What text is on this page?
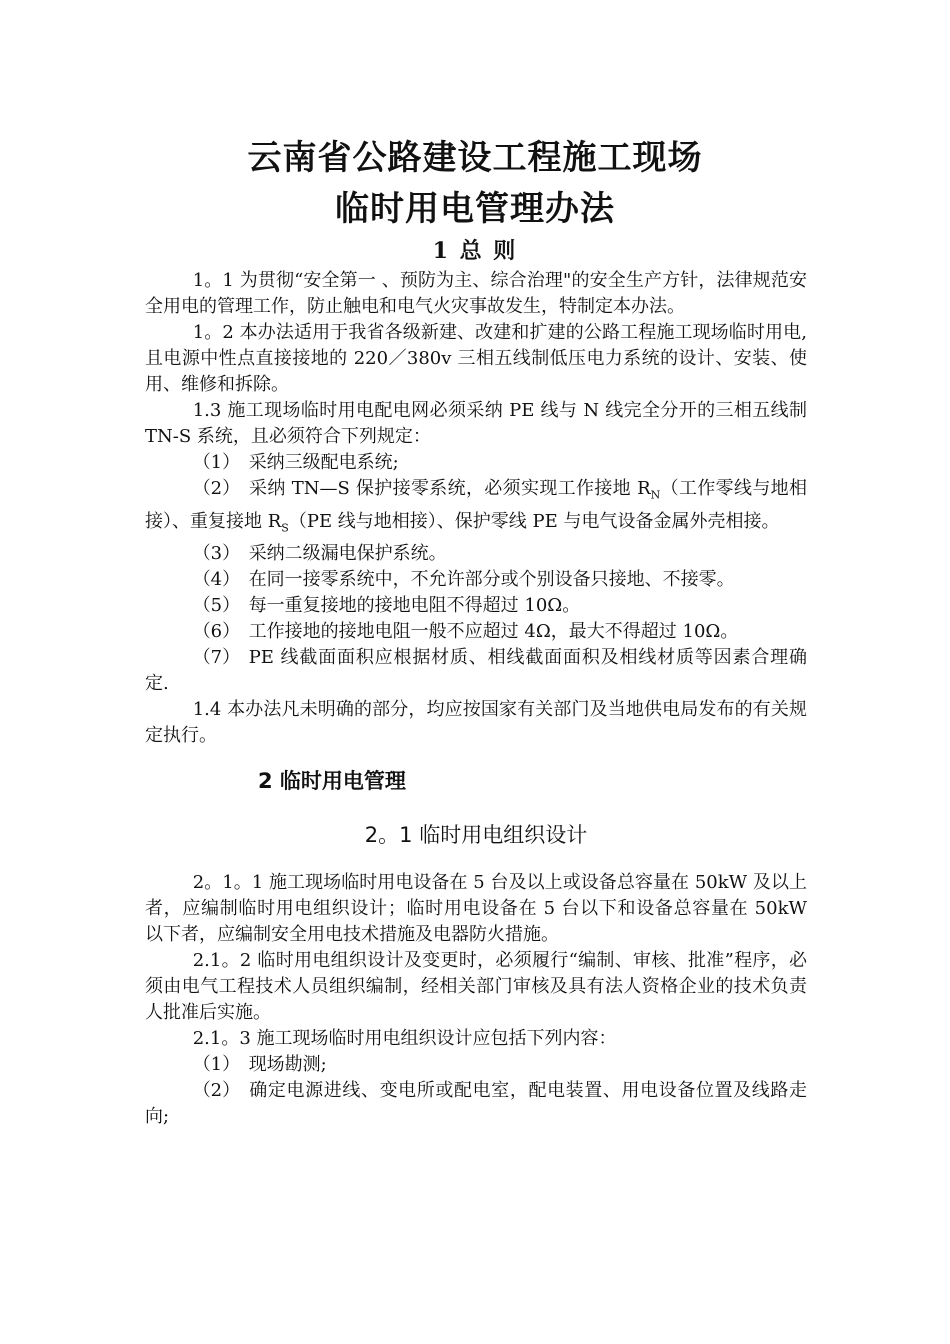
云南省公路建设工程施工现场
临时用电管理办法
1 总 则

1。1 为贯彻“安全第一 、预防为主、综合治理"的安全生产方针，法律规范安全用电的管理工作，防止触电和电气火灾事故发生，特制定本办法。

1。2 本办法适用于我省各级新建、改建和扩建的公路工程施工现场临时用电,且电源中性点直接接地的 220／380v 三相五线制低压电力系统的设计、安装、使用、维修和拆除。

1.3 施工现场临时用电配电网必须采纳 PE 线与 N 线完全分开的三相五线制 TN-S 系统，且必须符合下列规定：

（1） 采纳三级配电系统;

（2） 采纳 TN—S 保护接零系统，必须实现工作接地 $R_N$（工作零线与地相接）、重复接地 $R_S(PE$ 线与地相接）、保护零线 PE 与电气设备金属外壳相接。

（3） 采纳二级漏电保护系统。

（4） 在同一接零系统中，不允许部分或个别设备只接地、不接零。

（5） 每一重复接地的接地电阻不得超过 10Ω。

（6） 工作接地的接地电阻一般不应超过 4Ω，最大不得超过 10Ω。

（7） PE 线截面面积应根据材质、相线截面面积及相线材质等因素合理确定.

1.4 本办法凡未明确的部分，均应按国家有关部门及当地供电局发布的有关规定执行。

2 临时用电管理
2。1 临时用电组织设计

2。1。1 施工现场临时用电设备在 5 台及以上或设备总容量在 50kW 及以上者，应编制临时用电组织设计；临时用电设备在 5 台以下和设备总容量在 50kW 以下者，应编制安全用电技术措施及电器防火措施。

2.1。2 临时用电组织设计及变更时，必须履行“编制、审核、批准”程序，必须由电气工程技术人员组织编制，经相关部门审核及具有法人资格企业的技术负责人批准后实施。

2.1。3 施工现场临时用电组织设计应包括下列内容：

（1） 现场勘测;

（2） 确定电源进线、变电所或配电室，配电装置、用电设备位置及线路走向;
